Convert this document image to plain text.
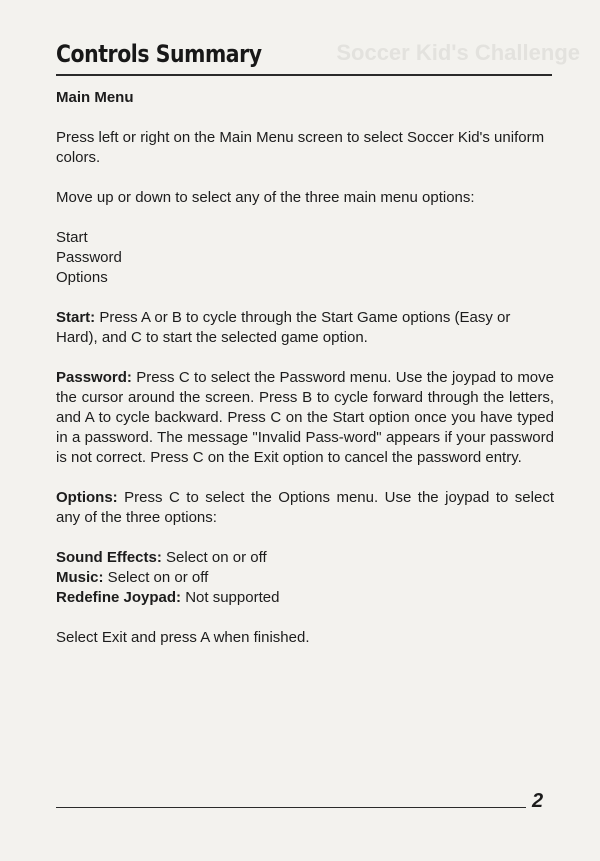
Soccer Kid's Challenge
Controls Summary

Main Menu

Press left or right on the Main Menu screen to select Soccer Kid's uniform colors.

Move up or down to select any of the three main menu options:

Start

Password

Options

Start: Press A or B to cycle through the Start Game options (Easy or Hard), and C to start the selected game option.

Password: Press C to select the Password menu. Use the joypad to move the cursor around the screen. Press B to cycle forward through the letters, and A to cycle backward. Press C on the Start option once you have typed in a password. The message "Invalid Pass-word" appears if your password is not correct. Press C on the Exit option to cancel the password entry.

Options: Press C to select the Options menu. Use the joypad to select any of the three options:

Sound Effects: Select on or off

Music: Select on or off

Redefine Joypad: Not supported

Select Exit and press A when finished.

2
